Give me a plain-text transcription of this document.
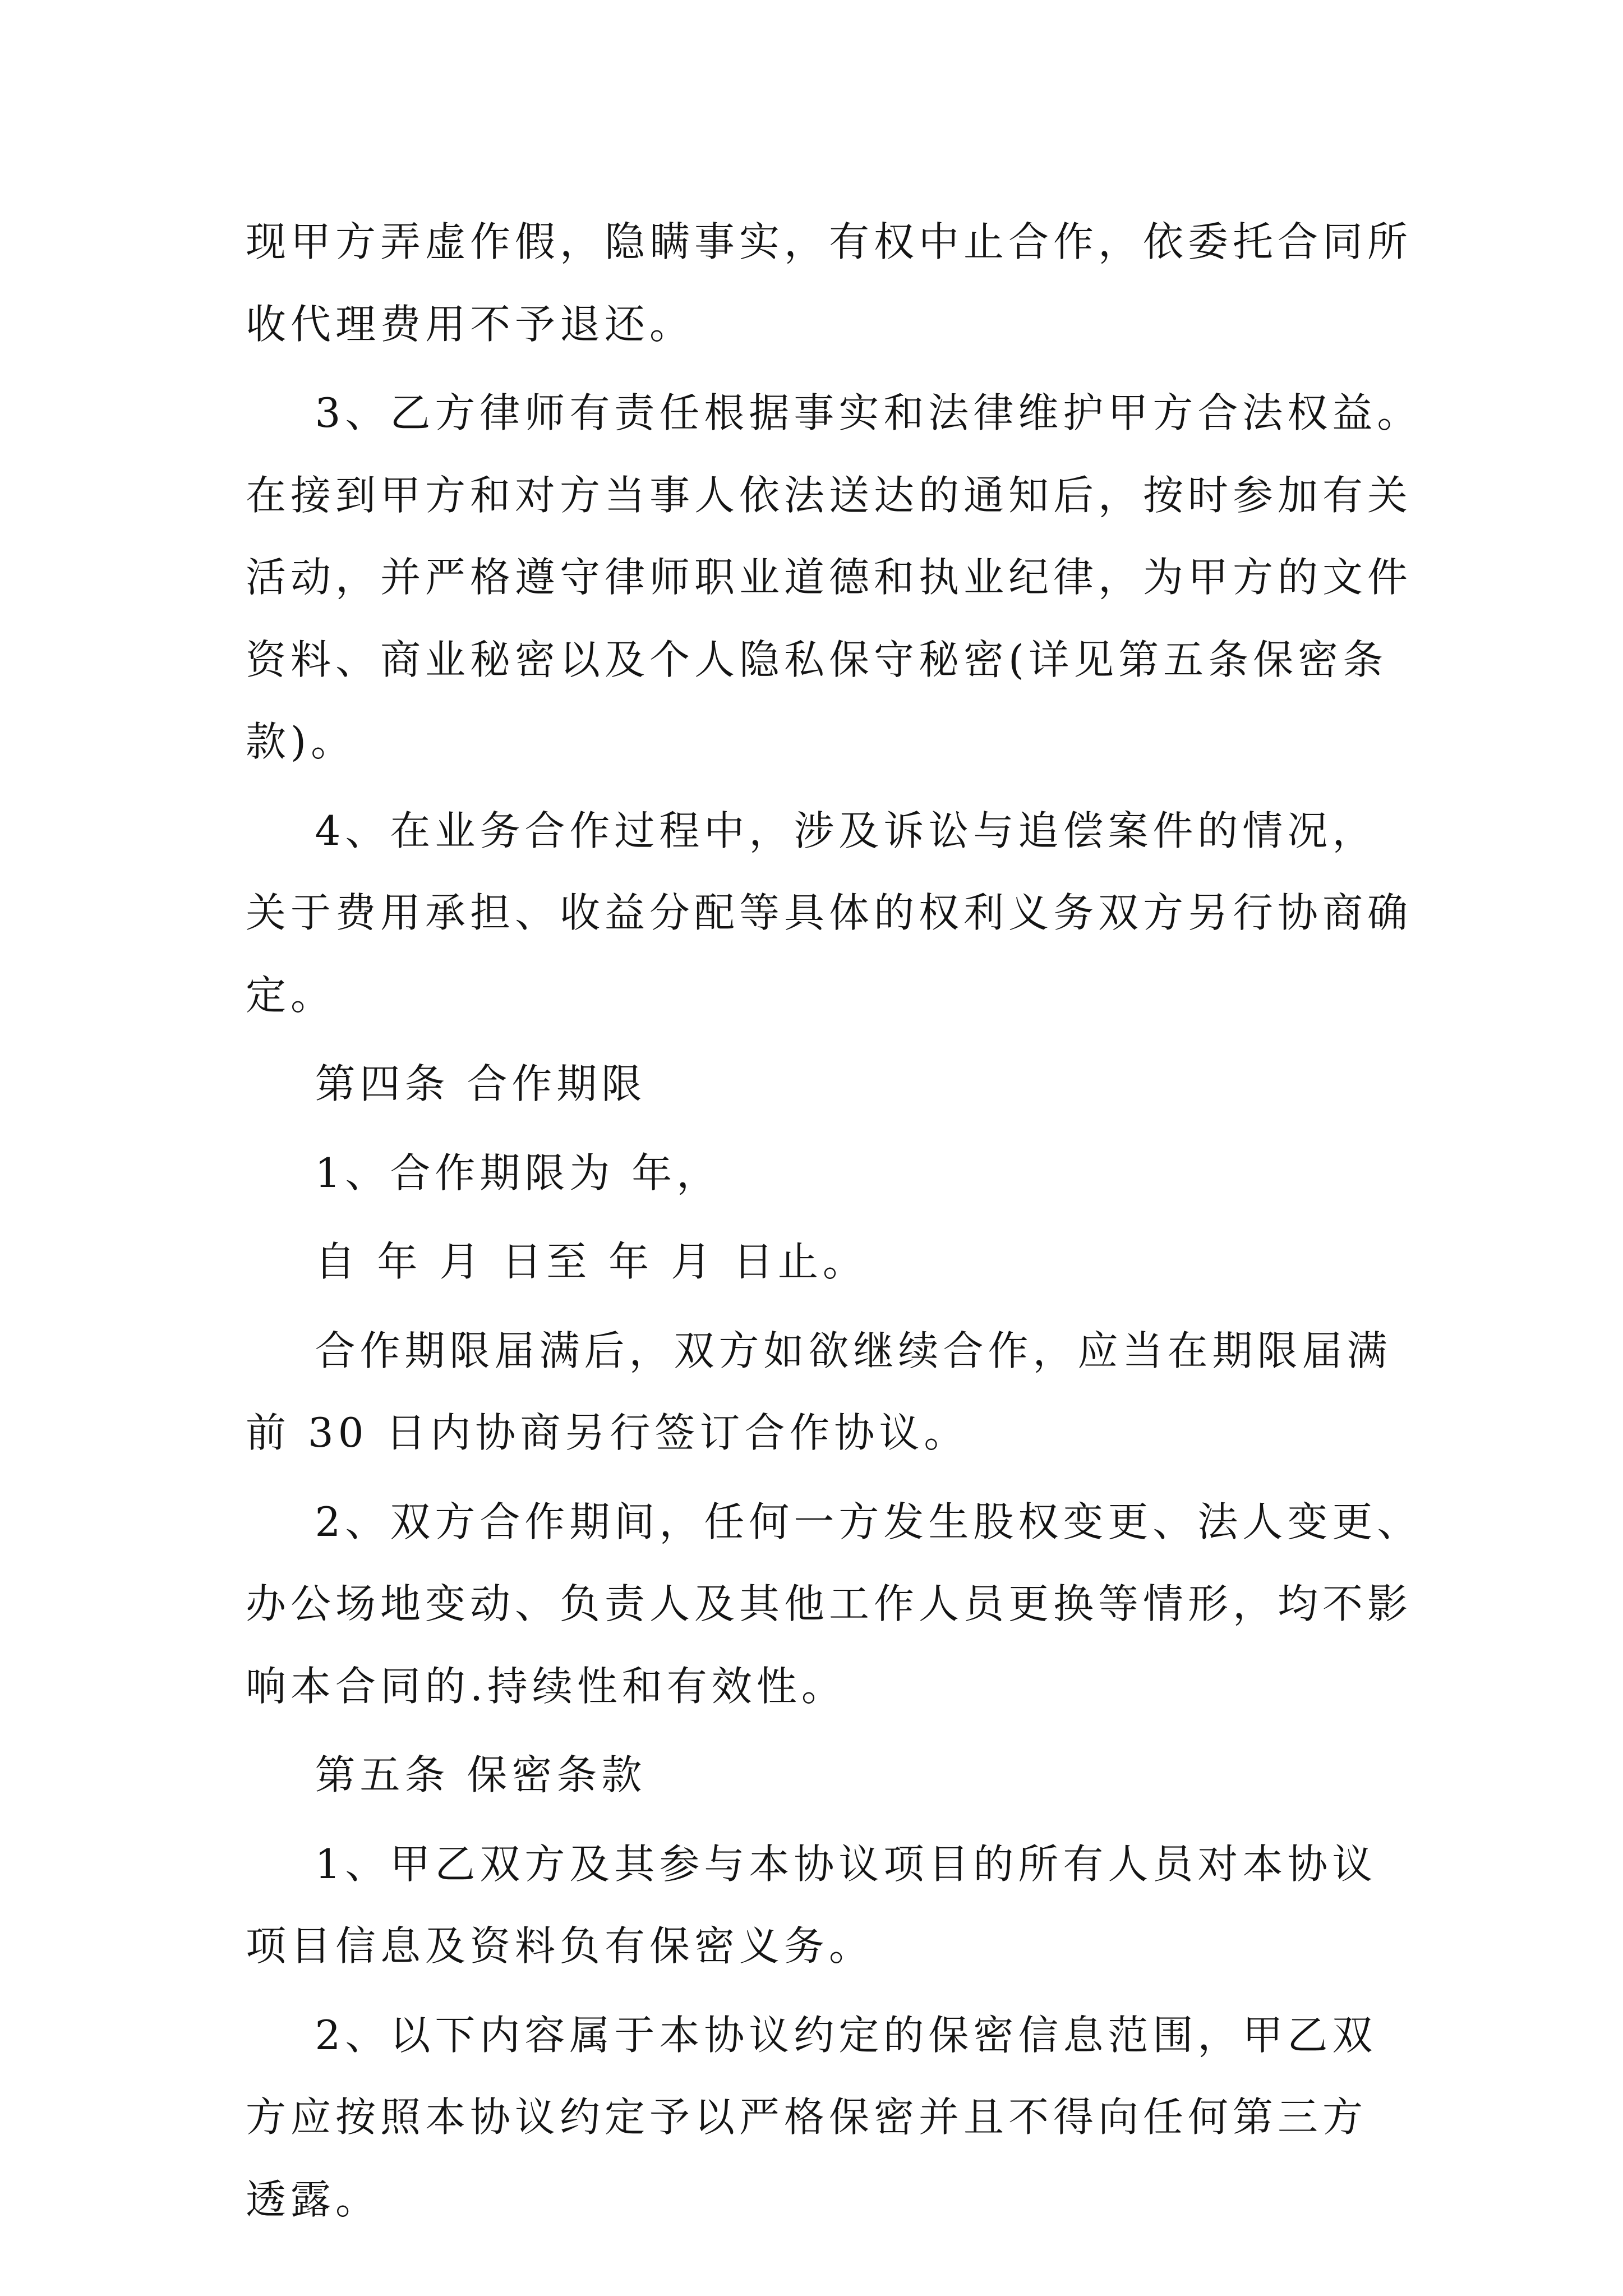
现甲方弄虚作假，隐瞒事实，有权中止合作，依委托合同所
收代理费用不予退还。
3、乙方律师有责任根据事实和法律维护甲方合法权益。
在接到甲方和对方当事人依法送达的通知后，按时参加有关
活动，并严格遵守律师职业道德和执业纪律，为甲方的文件
资料、商业秘密以及个人隐私保守秘密(详见第五条保密条
款)。
4、在业务合作过程中，涉及诉讼与追偿案件的情况，
关于费用承担、收益分配等具体的权利义务双方另行协商确
定。
第四条 合作期限
1、合作期限为 年，
自 年 月 日至 年 月 日止。
合作期限届满后，双方如欲继续合作，应当在期限届满
前 30 日内协商另行签订合作协议。
2、双方合作期间，任何一方发生股权变更、法人变更、
办公场地变动、负责人及其他工作人员更换等情形，均不影
响本合同的.持续性和有效性。
第五条 保密条款
1、甲乙双方及其参与本协议项目的所有人员对本协议
项目信息及资料负有保密义务。
2、以下内容属于本协议约定的保密信息范围，甲乙双
方应按照本协议约定予以严格保密并且不得向任何第三方
透露。
